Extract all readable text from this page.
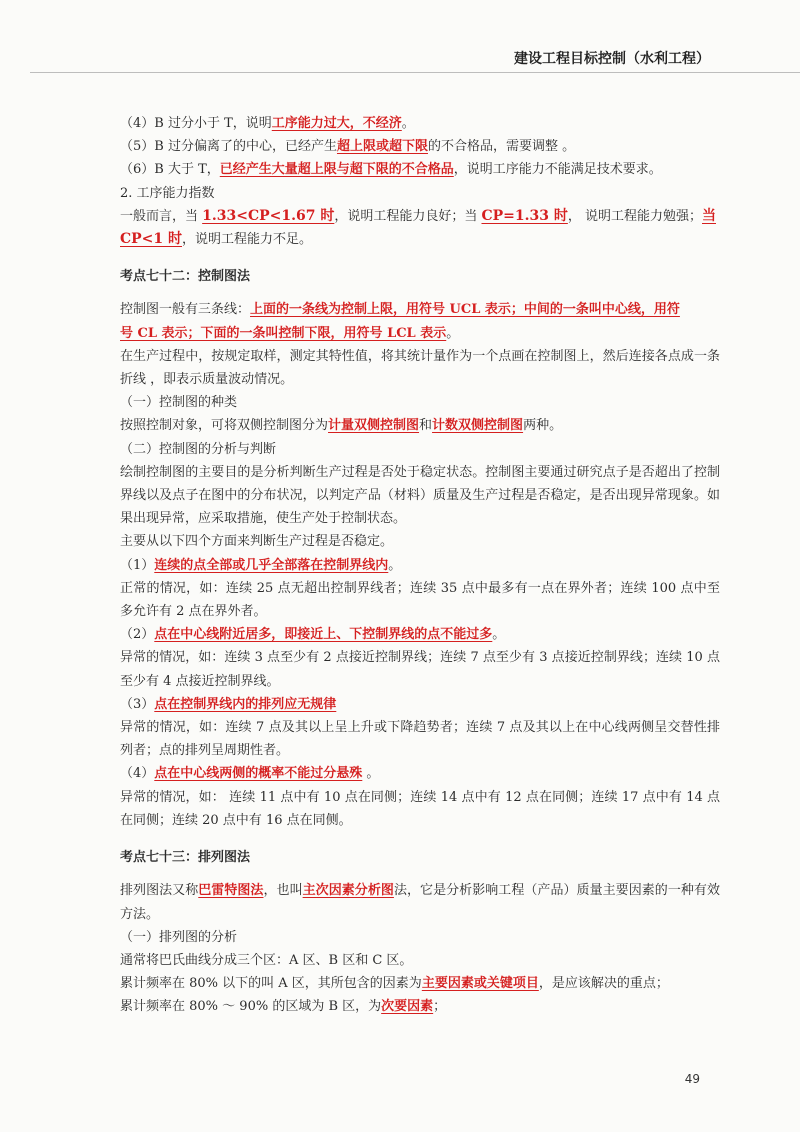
建设工程目标控制（水利工程）

（4）B 过分小于 T，说明工序能力过大，不经济。

（5）B 过分偏离了的中心，已经产生超上限或超下限的不合格品，需要调整 。

（6）B 大于 T，已经产生大量超上限与超下限的不合格品，说明工序能力不能满足技术要求。

2. 工序能力指数

一般而言，当 1.33<CP<1.67 时，说明工程能力良好；当 CP=1.33 时， 说明工程能力勉强；当
CP<1 时，说明工程能力不足。

考点七十二：控制图法

控制图一般有三条线：上面的一条线为控制上限，用符号 UCL 表示；中间的一条叫中心线，用符
号 CL 表示；下面的一条叫控制下限，用符号 LCL 表示。

在生产过程中，按规定取样，测定其特性值，将其统计量作为一个点画在控制图上，然后连接各点成一条折线 ，即表示质量波动情况。

（一）控制图的种类

按照控制对象，可将双侧控制图分为计量双侧控制图和计数双侧控制图两种。

（二）控制图的分析与判断

绘制控制图的主要目的是分析判断生产过程是否处于稳定状态。控制图主要通过研究点子是否超出了控制界线以及点子在图中的分布状况，以判定产品（材料）质量及生产过程是否稳定，是否出现异常现象。如果出现异常，应采取措施，使生产处于控制状态。

主要从以下四个方面来判断生产过程是否稳定。

（1）连续的点全部或几乎全部落在控制界线内。

正常的情况，如：连续 25 点无超出控制界线者；连续 35 点中最多有一点在界外者；连续 100 点中至多允许有 2 点在界外者。

（2）点在中心线附近居多，即接近上、下控制界线的点不能过多。

异常的情况，如：连续 3 点至少有 2 点接近控制界线；连续 7 点至少有 3 点接近控制界线；连续 10 点至少有 4 点接近控制界线。

（3）点在控制界线内的排列应无规律

异常的情况，如：连续 7 点及其以上呈上升或下降趋势者；连续 7 点及其以上在中心线两侧呈交替性排列者；点的排列呈周期性者。

（4）点在中心线两侧的概率不能过分悬殊 。

异常的情况，如： 连续 11 点中有 10 点在同侧；连续 14 点中有 12 点在同侧；连续 17 点中有 14 点在同侧；连续 20 点中有 16 点在同侧。

考点七十三：排列图法

排列图法又称巴雷特图法，也叫主次因素分析图法，它是分析影响工程（产品）质量主要因素的一种有效方法。

（一）排列图的分析

通常将巴氏曲线分成三个区：A 区、B 区和 C 区。

累计频率在 80% 以下的叫 A 区，其所包含的因素为主要因素或关键项目，是应该解决的重点；

累计频率在 80% ～ 90% 的区域为 B 区，为次要因素；

49
